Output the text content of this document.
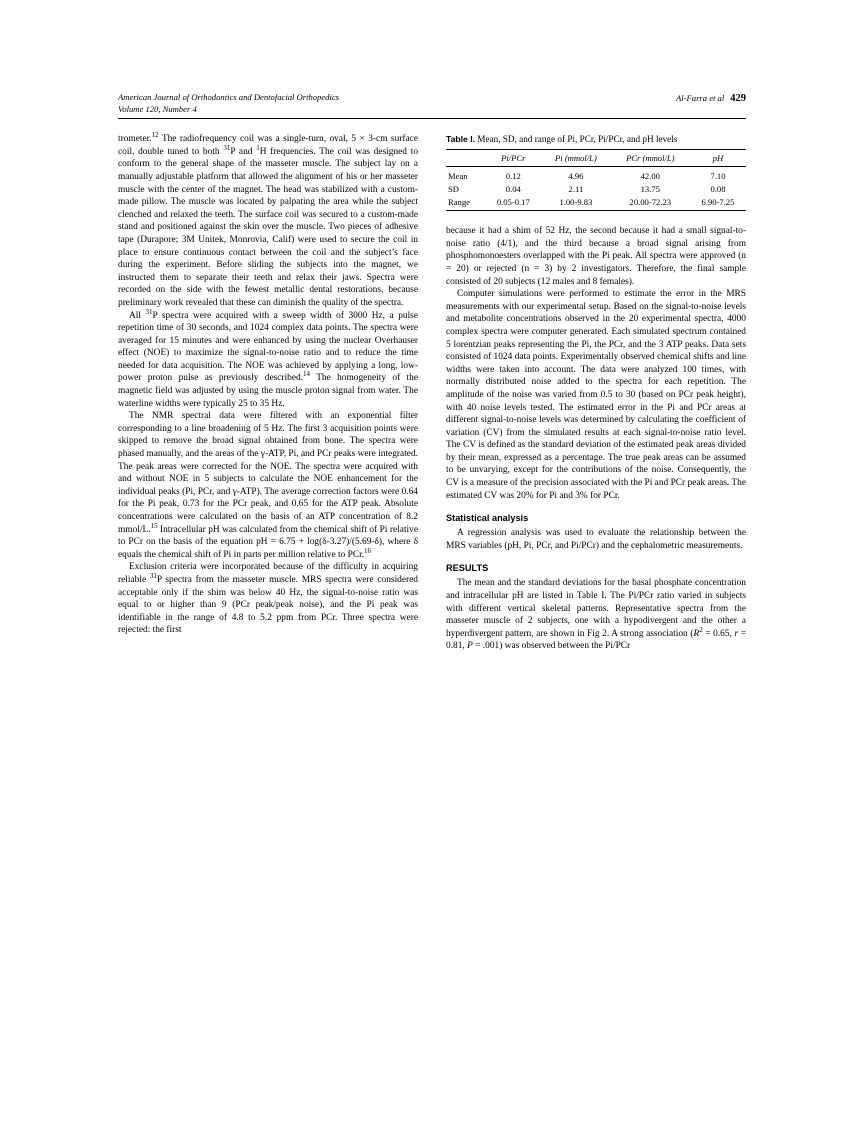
American Journal of Orthodontics and Dentofacial Orthopedics
Volume 120, Number 4
Al-Farra et al 429

trometer.$^{12}$ The radiofrequency coil was a single-turn, oval, 5 × 3-cm surface coil, double tuned to both $^{31}$P and $^1$H frequencies. The coil was designed to conform to the general shape of the masseter muscle. The subject lay on a manually adjustable platform that allowed the alignment of his or her masseter muscle with the center of the magnet. The head was stabilized with a custom-made pillow. The muscle was located by palpating the area while the subject clenched and relaxed the teeth. The surface coil was secured to a custom-made stand and positioned against the skin over the muscle. Two pieces of adhesive tape (Durapore; 3M Unitek, Monrovia, Calif) were used to secure the coil in place to ensure continuous contact between the coil and the subject’s face during the experiment. Before sliding the subjects into the magnet, we instructed them to separate their teeth and relax their jaws. Spectra were recorded on the side with the fewest metallic dental restorations, because preliminary work revealed that these can diminish the quality of the spectra.

All $^{31}$P spectra were acquired with a sweep width of 3000 Hz, a pulse repetition time of 30 seconds, and 1024 complex data points. The spectra were averaged for 15 minutes and were enhanced by using the nuclear Overhauser effect (NOE) to maximize the signal-to-noise ratio and to reduce the time needed for data acquisition. The NOE was achieved by applying a long, low-power proton pulse as previously described.$^{14}$ The homogeneity of the magnetic field was adjusted by using the muscle proton signal from water. The waterline widths were typically 25 to 35 Hz.

The NMR spectral data were filtered with an exponential filter corresponding to a line broadening of 5 Hz. The first 3 acquisition points were skipped to remove the broad signal obtained from bone. The spectra were phased manually, and the areas of the γ-ATP, Pi, and PCr peaks were integrated. The peak areas were corrected for the NOE. The spectra were acquired with and without NOE in 5 subjects to calculate the NOE enhancement for the individual peaks (Pi, PCr, and γ-ATP). The average correction factors were 0.64 for the Pi peak, 0.73 for the PCr peak, and 0.65 for the ATP peak. Absolute concentrations were calculated on the basis of an ATP concentration of 8.2 mmol/L.$^{15}$ Intracellular pH was calculated from the chemical shift of Pi relative to PCr on the basis of the equation pH = 6.75 + log(δ-3.27)/(5.69-δ), where δ equals the chemical shift of Pi in parts per million relative to PCr.$^{16}$

Exclusion criteria were incorporated because of the difficulty in acquiring reliable $^{31}$P spectra from the masseter muscle. MRS spectra were considered acceptable only if the shim was below 40 Hz, the signal-to-noise ratio was equal to or higher than 9 (PCr peak/peak noise), and the Pi peak was identifiable in the range of 4.8 to 5.2 ppm from PCr. Three spectra were rejected: the first

Table I. Mean, SD, and range of Pi, PCr, Pi/PCr, and pH levels

	Pi/PCr	Pi (mmol/L)	PCr (mmol/L)	pH
Mean	0.12	4.96	42.00	7.10
SD	0.04	2.11	13.75	0.08
Range	0.05-0.17	1.00-9.83	20.00-72.23	6.90-7.25

because it had a shim of 52 Hz, the second because it had a small signal-to-noise ratio (4/1), and the third because a broad signal arising from phosphomonoesters overlapped with the Pi peak. All spectra were approved (n = 20) or rejected (n = 3) by 2 investigators. Therefore, the final sample consisted of 20 subjects (12 males and 8 females).

Computer simulations were performed to estimate the error in the MRS measurements with our experimental setup. Based on the signal-to-noise levels and metabolite concentrations observed in the 20 experimental spectra, 4000 complex spectra were computer generated. Each simulated spectrum contained 5 lorentzian peaks representing the Pi, the PCr, and the 3 ATP peaks. Data sets consisted of 1024 data points. Experimentally observed chemical shifts and line widths were taken into account. The data were analyzed 100 times, with normally distributed noise added to the spectra for each repetition. The amplitude of the noise was varied from 0.5 to 30 (based on PCr peak height), with 40 noise levels tested. The estimated error in the Pi and PCr areas at different signal-to-noise levels was determined by calculating the coefficient of variation (CV) from the simulated results at each signal-to-noise ratio level. The CV is defined as the standard deviation of the estimated peak areas divided by their mean, expressed as a percentage. The true peak areas can be assumed to be unvarying, except for the contributions of the noise. Consequently, the CV is a measure of the precision associated with the Pi and PCr peak areas. The estimated CV was 20% for Pi and 3% for PCr.

Statistical analysis

A regression analysis was used to evaluate the relationship between the MRS variables (pH, Pi, PCr, and Pi/PCr) and the cephalometric measurements.

RESULTS

The mean and the standard deviations for the basal phosphate concentration and intracellular pH are listed in Table I. The Pi/PCr ratio varied in subjects with different vertical skeletal patterns. Representative spectra from the masseter muscle of 2 subjects, one with a hypodivergent and the other a hyperdivergent pattern, are shown in Fig 2. A strong association ($R^2 = 0.65$, r = 0.81, P = .001) was observed between the Pi/PCr
